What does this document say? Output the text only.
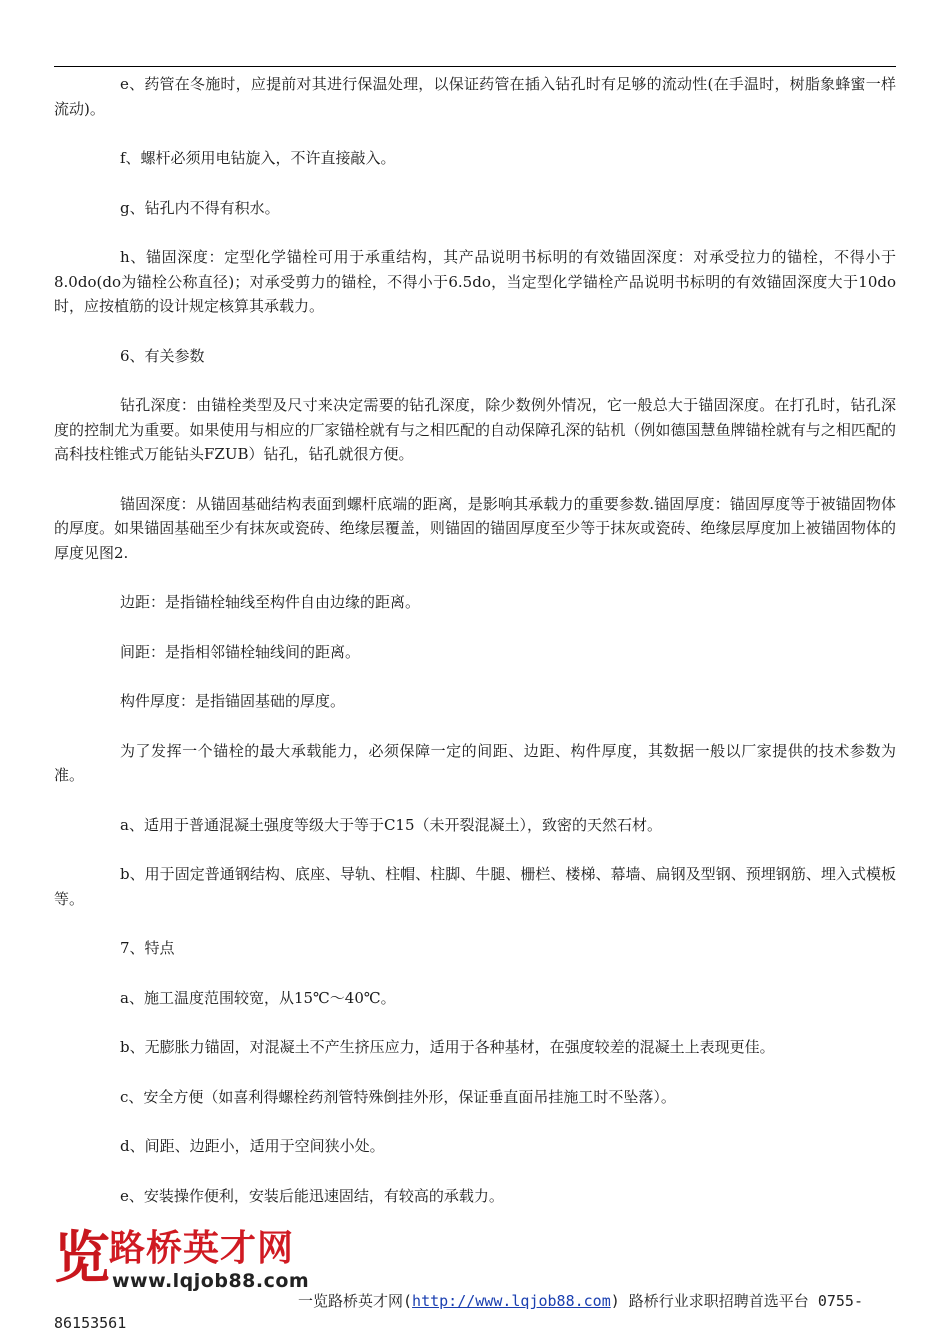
e、药管在冬施时，应提前对其进行保温处理，以保证药管在插入钻孔时有足够的流动性(在手温时，树脂象蜂蜜一样流动)。

f、螺杆必须用电钻旋入，不许直接敲入。

g、钻孔内不得有积水。

h、锚固深度：定型化学锚栓可用于承重结构，其产品说明书标明的有效锚固深度：对承受拉力的锚栓，不得小于8.0do(do为锚栓公称直径)；对承受剪力的锚栓，不得小于6.5do，当定型化学锚栓产品说明书标明的有效锚固深度大于10do时，应按植筋的设计规定核算其承载力。

6、有关参数

钻孔深度：由锚栓类型及尺寸来决定需要的钻孔深度，除少数例外情况，它一般总大于锚固深度。在打孔时，钻孔深度的控制尤为重要。如果使用与相应的厂家锚栓就有与之相匹配的自动保障孔深的钻机（例如德国慧鱼牌锚栓就有与之相匹配的高科技柱锥式万能钻头FZUB）钻孔，钻孔就很方便。

锚固深度：从锚固基础结构表面到螺杆底端的距离，是影响其承载力的重要参数.锚固厚度：锚固厚度等于被锚固物体的厚度。如果锚固基础至少有抹灰或瓷砖、绝缘层覆盖，则锚固的锚固厚度至少等于抹灰或瓷砖、绝缘层厚度加上被锚固物体的厚度见图2.

边距：是指锚栓轴线至构件自由边缘的距离。

间距：是指相邻锚栓轴线间的距离。

构件厚度：是指锚固基础的厚度。

为了发挥一个锚栓的最大承载能力，必须保障一定的间距、边距、构件厚度，其数据一般以厂家提供的技术参数为准。

a、适用于普通混凝土强度等级大于等于C15（未开裂混凝土），致密的天然石材。

b、用于固定普通钢结构、底座、导轨、柱帽、柱脚、牛腿、栅栏、楼梯、幕墙、扁钢及型钢、预埋钢筋、埋入式模板等。

7、特点

a、施工温度范围较宽，从15℃～40℃。

b、无膨胀力锚固，对混凝土不产生挤压应力，适用于各种基材，在强度较差的混凝土上表现更佳。

c、安全方便（如喜利得螺栓药剂管特殊倒挂外形，保证垂直面吊挂施工时不坠落）。

d、间距、边距小，适用于空间狭小处。

e、安装操作便利，安装后能迅速固结，有较高的承载力。

览 路桥英才网
www.lqjob88.com
一览路桥英才网(http://www.lqjob88.com) 路桥行业求职招聘首选平台 0755-86153561
